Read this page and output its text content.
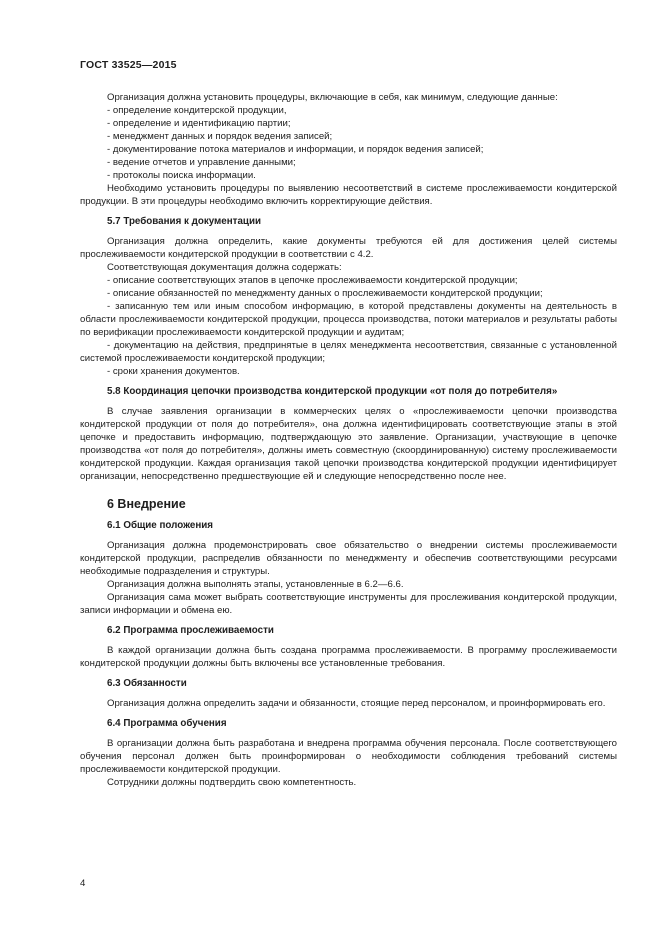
ГОСТ 33525—2015
Организация должна установить процедуры, включающие в себя, как минимум, следующие данные:
- определение кондитерской продукции,
- определение и идентификацию партии;
- менеджмент данных и порядок ведения записей;
- документирование потока материалов и информации, и порядок ведения записей;
- ведение отчетов и управление данными;
- протоколы поиска информации.
Необходимо установить процедуры по выявлению несоответствий в системе прослеживаемости кондитерской продукции. В эти процедуры необходимо включить корректирующие действия.
5.7 Требования к документации
Организация должна определить, какие документы требуются ей для достижения целей системы прослеживаемости кондитерской продукции в соответствии с 4.2.
Соответствующая документация должна содержать:
- описание соответствующих этапов в цепочке прослеживаемости кондитерской продукции;
- описание обязанностей по менеджменту данных о прослеживаемости кондитерской продукции;
- записанную тем или иным способом информацию, в которой представлены документы на деятельность в области прослеживаемости кондитерской продукции, процесса производства, потоки материалов и результаты работы по верификации прослеживаемости кондитерской продукции и аудитам;
- документацию на действия, предпринятые в целях менеджмента несоответствия, связанные с установленной системой прослеживаемости кондитерской продукции;
- сроки хранения документов.
5.8 Координация цепочки производства кондитерской продукции «от поля до потребителя»
В случае заявления организации в коммерческих целях о «прослеживаемости цепочки производства кондитерской продукции от поля до потребителя», она должна идентифицировать соответствующие этапы в этой цепочке и предоставить информацию, подтверждающую это заявление. Организации, участвующие в цепочке производства «от поля до потребителя», должны иметь совместную (скоординированную) систему прослеживаемости кондитерской продукции. Каждая организация такой цепочки производства кондитерской продукции идентифицирует организации, непосредственно предшествующие ей и следующие непосредственно после нее.
6 Внедрение
6.1 Общие положения
Организация должна продемонстрировать свое обязательство о внедрении системы прослеживаемости кондитерской продукции, распределив обязанности по менеджменту и обеспечив соответствующими ресурсами необходимые подразделения и структуры.
Организация должна выполнять этапы, установленные в 6.2—6.6.
Организация сама может выбрать соответствующие инструменты для прослеживания кондитерской продукции, записи информации и обмена ею.
6.2 Программа прослеживаемости
В каждой организации должна быть создана программа прослеживаемости. В программу прослеживаемости кондитерской продукции должны быть включены все установленные требования.
6.3 Обязанности
Организация должна определить задачи и обязанности, стоящие перед персоналом, и проинформировать его.
6.4 Программа обучения
В организации должна быть разработана и внедрена программа обучения персонала. После соответствующего обучения персонал должен быть проинформирован о необходимости соблюдения требований системы прослеживаемости кондитерской продукции.
Сотрудники должны подтвердить свою компетентность.
4
